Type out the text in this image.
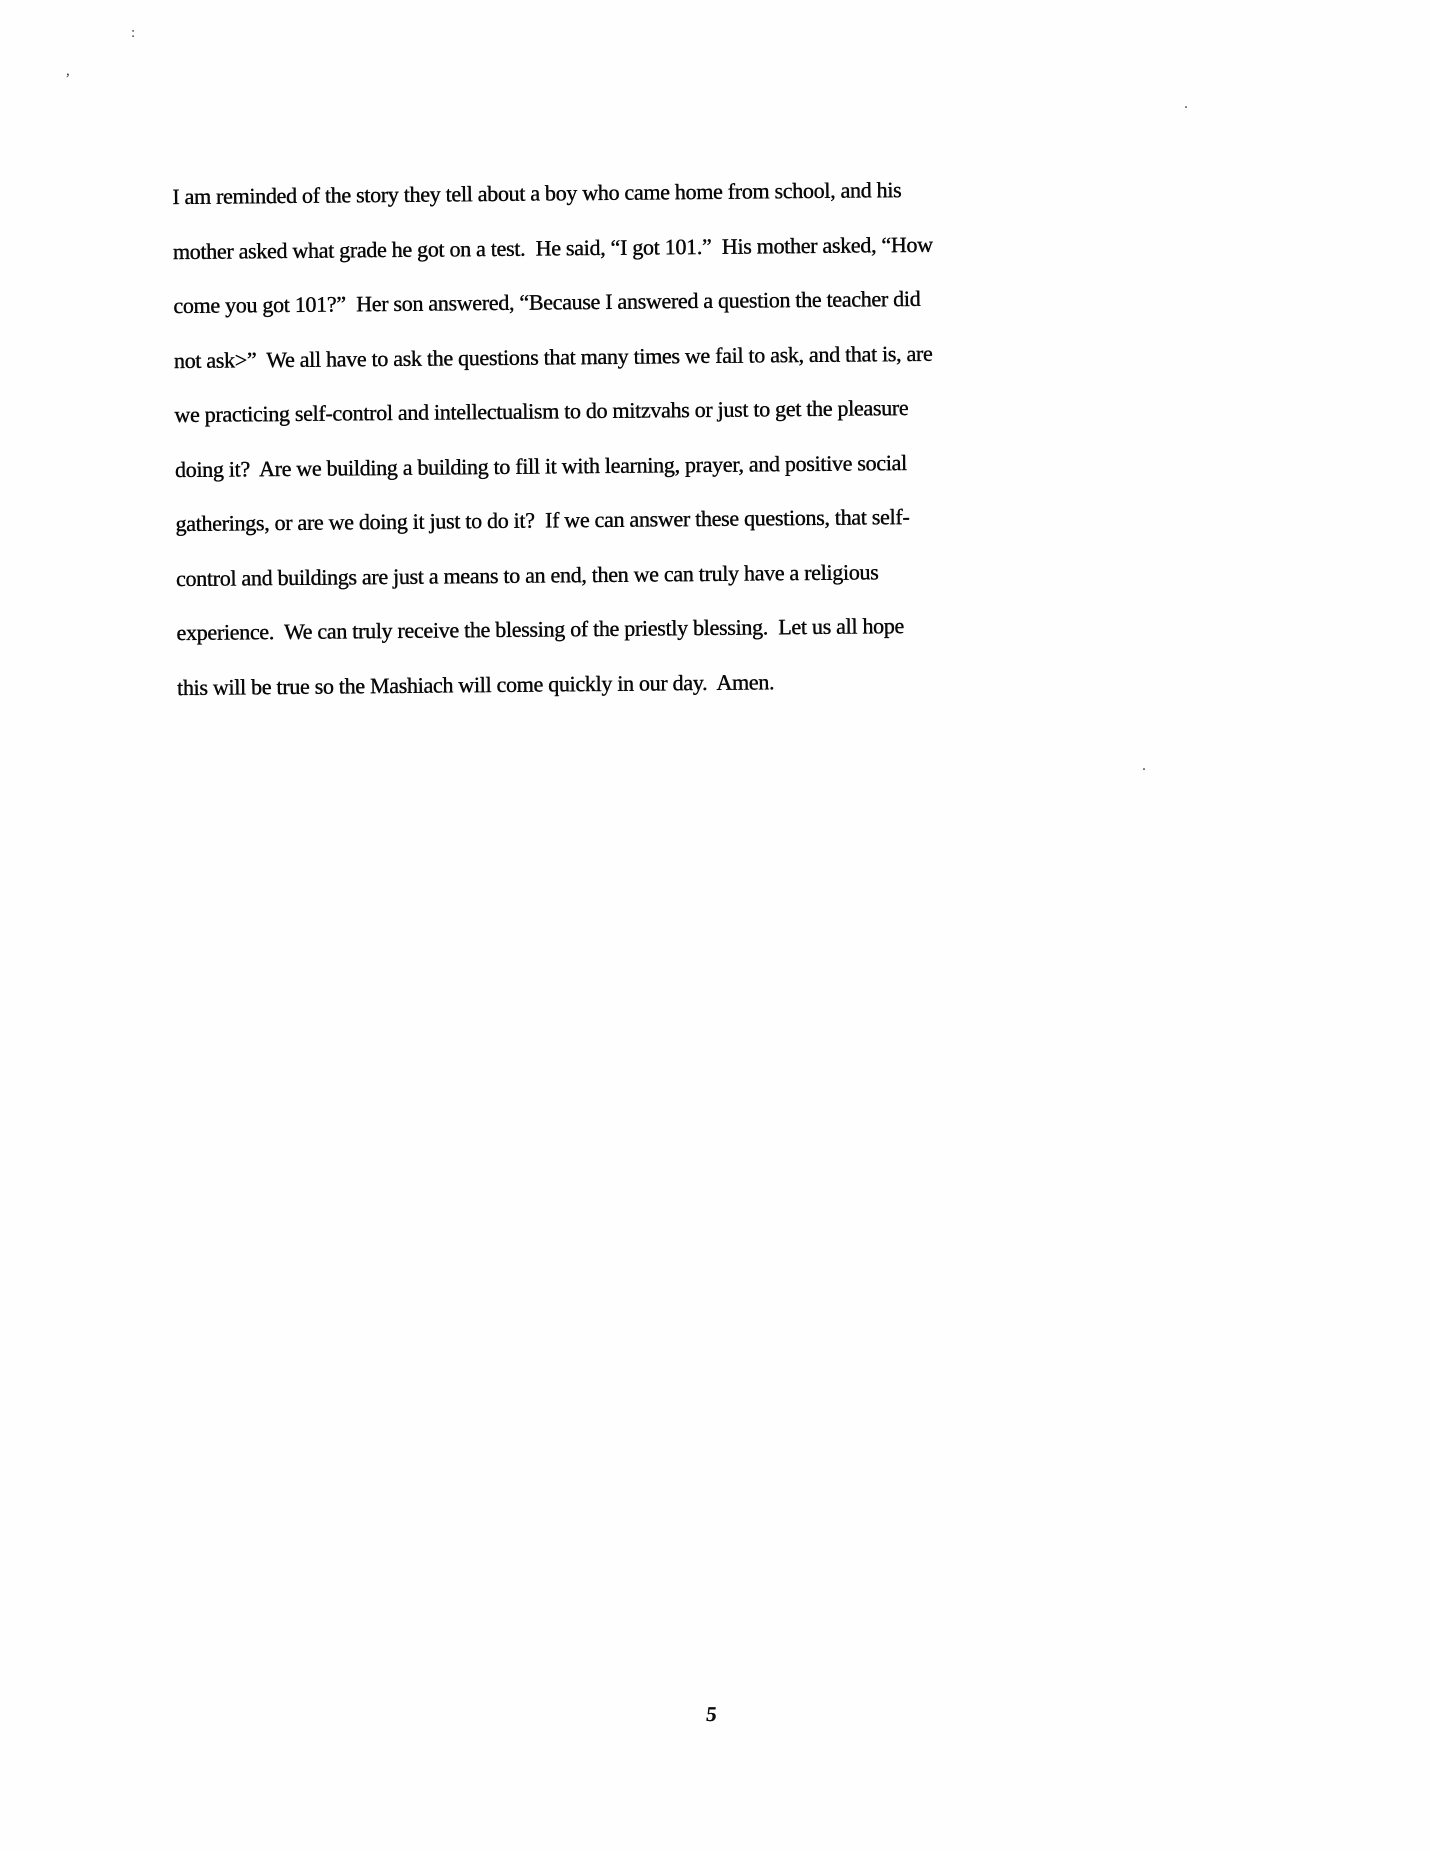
:
,
.
.
I am reminded of the story they tell about a boy who came home from school, and his
mother asked what grade he got on a test.  He said, “I got 101.”  His mother asked, “How
come you got 101?”  Her son answered, “Because I answered a question the teacher did
not ask>”  We all have to ask the questions that many times we fail to ask, and that is, are
we practicing self-control and intellectualism to do mitzvahs or just to get the pleasure
doing it?  Are we building a building to fill it with learning, prayer, and positive social
gatherings, or are we doing it just to do it?  If we can answer these questions, that self-
control and buildings are just a means to an end, then we can truly have a religious
experience.  We can truly receive the blessing of the priestly blessing.  Let us all hope
this will be true so the Mashiach will come quickly in our day.  Amen.
5
